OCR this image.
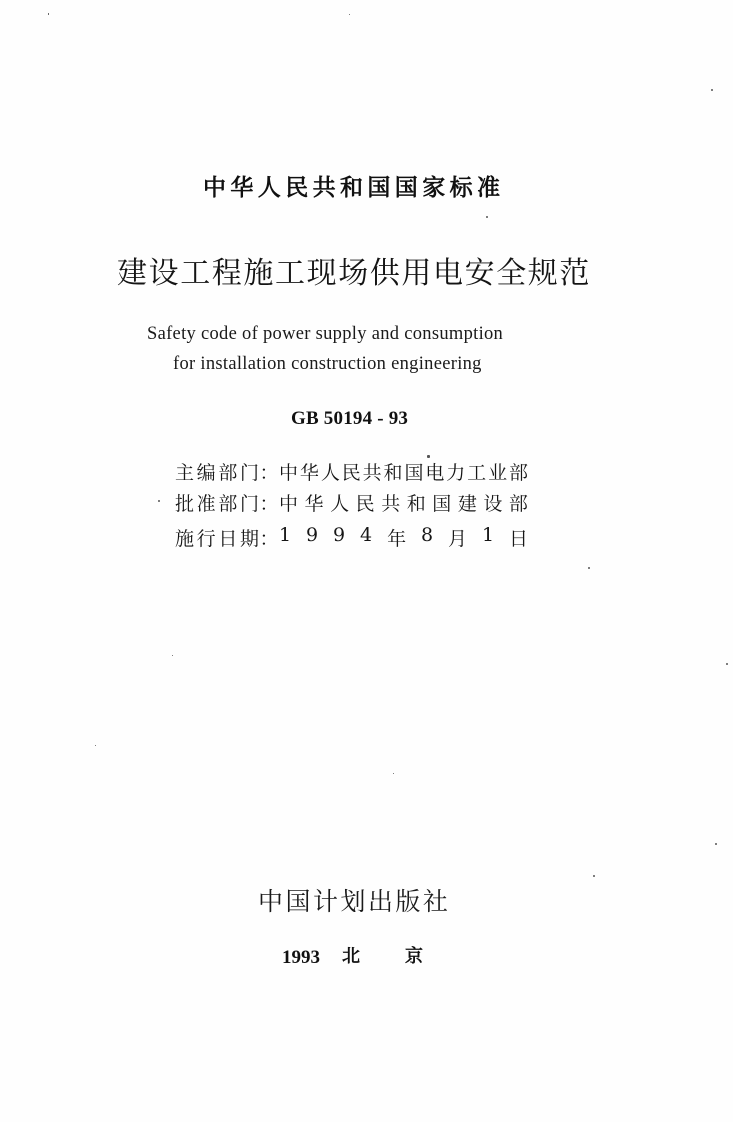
中华人民共和国国家标准
建设工程施工现场供用电安全规范
Safety code of power supply and consumption
for installation construction engineering
GB 50194 - 93
主 编 部 门 ： 中 华 人 民 共 和 国 电 力 工 业 部
批 准 部 门 ： 中 华 人 民 共 和 国 建 设 部
施 行 日 期 ： 1 9 9 4 年 8 月 1 日
中 国 计 划 出 版 社
1993 北	京
